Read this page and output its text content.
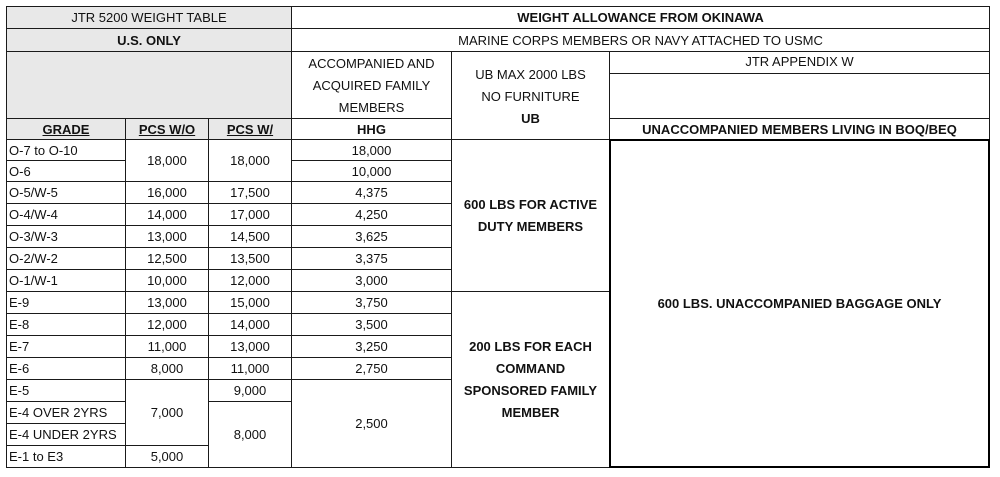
JTR 5200 WEIGHT TABLE
U.S. ONLY
WEIGHT ALLOWANCE FROM OKINAWA
MARINE CORPS MEMBERS OR NAVY ATTACHED TO USMC
GRADE	PCS W/O	PCS W/
ACCOMPANIED AND
ACQUIRED FAMILY
MEMBERS
HHG
UB MAX 2000 LBS
NO FURNITURE
UB
JTR APPENDIX W
UNACCOMPANIED MEMBERS LIVING IN BOQ/BEQ
O-7 to O-10
O-6
O-5/W-5
O-4/W-4
O-3/W-3
O-2/W-2
O-1/W-1
E-9
E-8
E-7
E-6
E-5
E-4 OVER 2YRS
E-4 UNDER 2YRS
E-1 to E3
18,000
16,000
14,000
13,000
12,500
10,000
13,000
12,000
11,000
8,000
7,000
5,000
18,000
17,500
17,000
14,500
13,500
12,000
15,000
14,000
13,000
11,000
9,000
8,000
18,000
10,000
4,375
4,250
3,625
3,375
3,000
3,750
3,500
3,250
2,750
2,500
600 LBS FOR ACTIVE
DUTY MEMBERS
200 LBS FOR EACH
COMMAND
SPONSORED FAMILY
MEMBER
600 LBS. UNACCOMPANIED BAGGAGE ONLY
